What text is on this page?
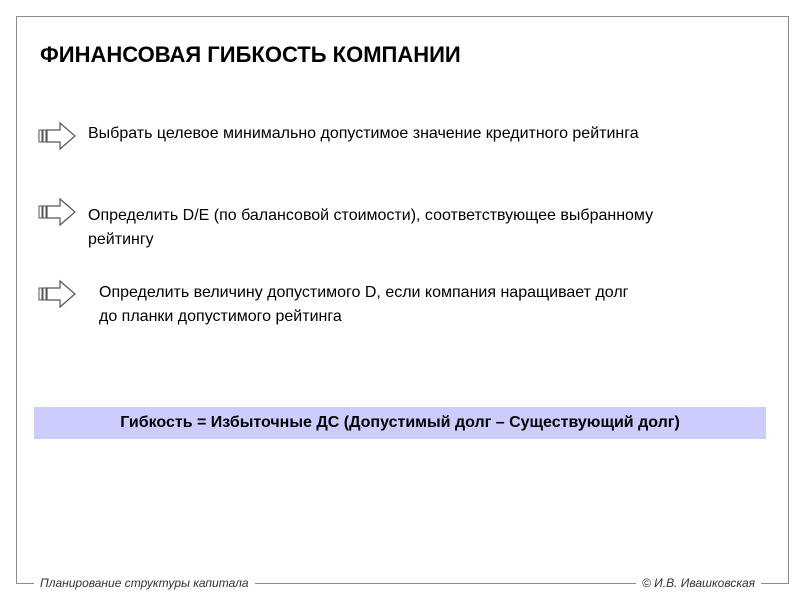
ФИНАНСОВАЯ ГИБКОСТЬ КОМПАНИИ
Выбрать целевое минимально допустимое значение кредитного рейтинга
Определить D/E (по балансовой стоимости), соответствующее выбранному
рейтингу
Определить величину допустимого D, если компания наращивает долг
до планки допустимого рейтинга
Гибкость = Избыточные ДС (Допустимый долг – Существующий долг)
Планирование структуры капитала	© И.В. Ивашковская
